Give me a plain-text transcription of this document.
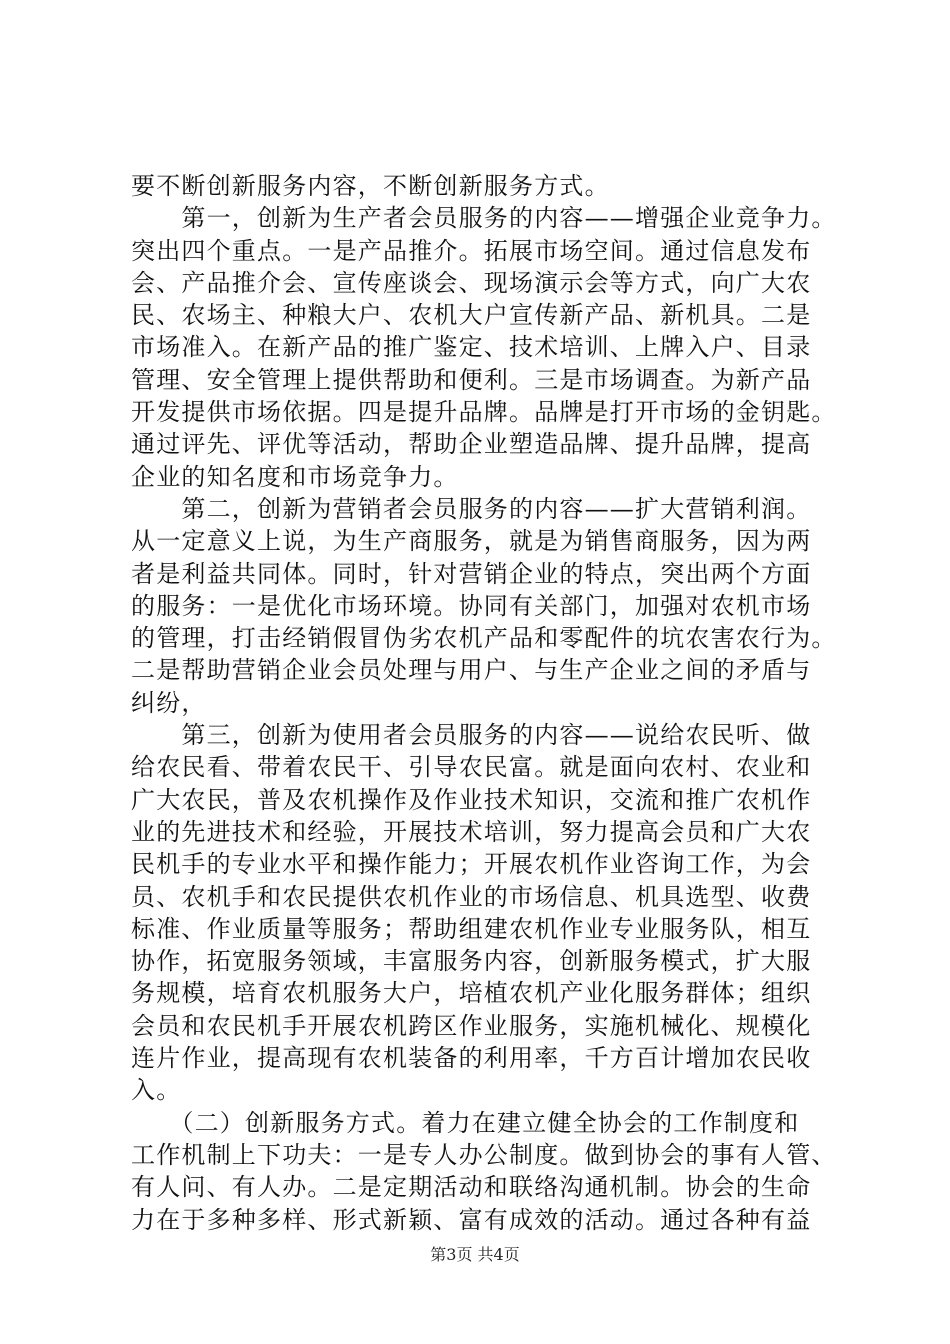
要不断创新服务内容，不断创新服务方式。
　　第一，创新为生产者会员服务的内容——增强企业竞争力。
突出四个重点。一是产品推介。拓展市场空间。通过信息发布
会、产品推介会、宣传座谈会、现场演示会等方式，向广大农
民、农场主、种粮大户、农机大户宣传新产品、新机具。二是
市场准入。在新产品的推广鉴定、技术培训、上牌入户、目录
管理、安全管理上提供帮助和便利。三是市场调查。为新产品
开发提供市场依据。四是提升品牌。品牌是打开市场的金钥匙。
通过评先、评优等活动，帮助企业塑造品牌、提升品牌，提高
企业的知名度和市场竞争力。
　　第二，创新为营销者会员服务的内容——扩大营销利润。
从一定意义上说，为生产商服务，就是为销售商服务，因为两
者是利益共同体。同时，针对营销企业的特点，突出两个方面
的服务：一是优化市场环境。协同有关部门，加强对农机市场
的管理，打击经销假冒伪劣农机产品和零配件的坑农害农行为。
二是帮助营销企业会员处理与用户、与生产企业之间的矛盾与
纠纷，
　　第三，创新为使用者会员服务的内容——说给农民听、做
给农民看、带着农民干、引导农民富。就是面向农村、农业和
广大农民，普及农机操作及作业技术知识，交流和推广农机作
业的先进技术和经验，开展技术培训，努力提高会员和广大农
民机手的专业水平和操作能力；开展农机作业咨询工作，为会
员、农机手和农民提供农机作业的市场信息、机具选型、收费
标准、作业质量等服务；帮助组建农机作业专业服务队，相互
协作，拓宽服务领域，丰富服务内容，创新服务模式，扩大服
务规模，培育农机服务大户，培植农机产业化服务群体；组织
会员和农民机手开展农机跨区作业服务，实施机械化、规模化
连片作业，提高现有农机装备的利用率，千方百计增加农民收
入。
　　（二）创新服务方式。着力在建立健全协会的工作制度和
工作机制上下功夫：一是专人办公制度。做到协会的事有人管、
有人问、有人办。二是定期活动和联络沟通机制。协会的生命
力在于多种多样、形式新颖、富有成效的活动。通过各种有益
第3页 共4页
